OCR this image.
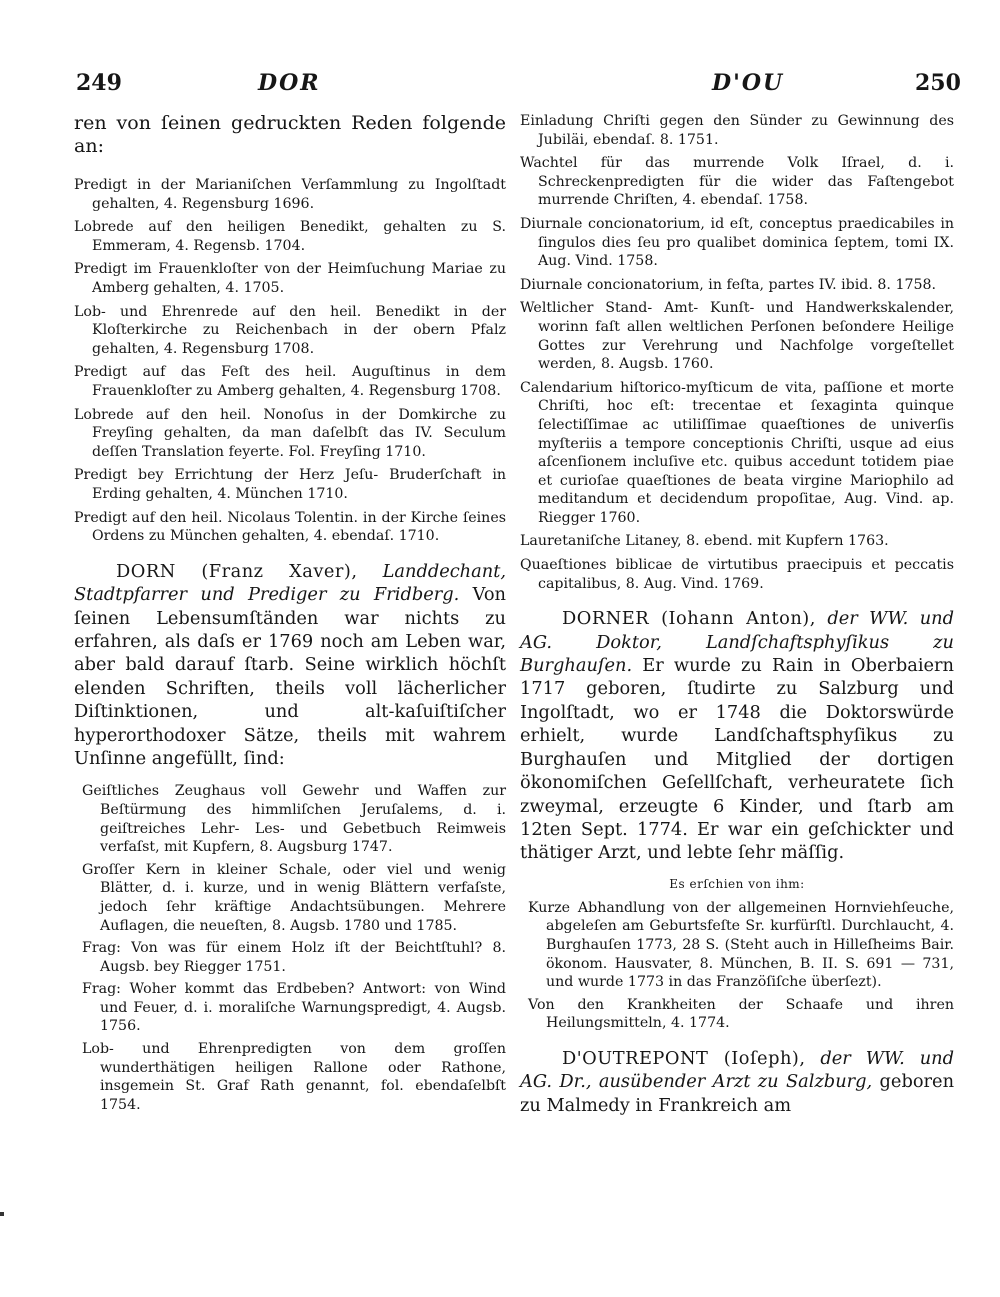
249	DOR	D'OU	250

ren von ſeinen gedruckten Reden folgende an:

Predigt in der Marianiſchen Verſammlung zu Ingolſtadt gehalten, 4. Regensburg 1696.

Lobrede auf den heiligen Benedikt, gehalten zu S. Emmeram, 4. Regensb. 1704.

Predigt im Frauenkloſter von der Heimſuchung Mariae zu Amberg gehalten, 4. 1705.

Lob- und Ehrenrede auf den heil. Benedikt in der Kloſterkirche zu Reichenbach in der obern Pfalz gehalten, 4. Regensburg 1708.

Predigt auf das Feſt des heil. Auguſtinus in dem Frauenkloſter zu Amberg gehalten, 4. Regensburg 1708.

Lobrede auf den heil. Nonoſus in der Domkirche zu Freyſing gehalten, da man daſelbſt das IV. Seculum deſſen Translation feyerte. Fol. Freyſing 1710.

Predigt bey Errichtung der Herz Jeſu- Bruderſchaft in Erding gehalten, 4. München 1710.

Predigt auf den heil. Nicolaus Tolentin. in der Kirche ſeines Ordens zu München gehalten, 4. ebendaſ. 1710.

DORN (Franz Xaver), Landdechant, Stadtpfarrer und Prediger zu Fridberg. Von ſeinen Lebensumſtänden war nichts zu erfahren, als daſs er 1769 noch am Leben war, aber bald darauf ſtarb. Seine wirklich höchſt elenden Schriften, theils voll lächerlicher Diſtinktionen, und alt-kaſuiſtiſcher hyperorthodoxer Sätze, theils mit wahrem Unſinne angefüllt, ſind:

Geiſtliches Zeughaus voll Gewehr und Waffen zur Beſtürmung des himmliſchen Jeruſalems, d. i. geiſtreiches Lehr- Les- und Gebetbuch Reimweis verfaſst, mit Kupfern, 8. Augsburg 1747.

Groſſer Kern in kleiner Schale, oder viel und wenig Blätter, d. i. kurze, und in wenig Blättern verfaſste, jedoch ſehr kräftige Andachtsübungen. Mehrere Auflagen, die neueſten, 8. Augsb. 1780 und 1785.

Frag: Von was für einem Holz iſt der Beichtſtuhl? 8. Augsb. bey Riegger 1751.

Frag: Woher kommt das Erdbeben? Antwort: von Wind und Feuer, d. i. moraliſche Warnungspredigt, 4. Augsb. 1756.

Lob- und Ehrenpredigten von dem groſſen wunderthätigen heiligen Rallone oder Rathone, insgemein St. Graf Rath genannt, fol. ebendaſelbſt 1754.

Einladung Chriſti gegen den Sünder zu Gewinnung des Jubiläi, ebendaſ. 8. 1751.

Wachtel für das murrende Volk Iſrael, d. i. Schreckenpredigten für die wider das Faſtengebot murrende Chriſten, 4. ebendaſ. 1758.

Diurnale concionatorium, id eſt, conceptus praedicabiles in ſingulos dies ſeu pro qualibet dominica ſeptem, tomi IX. Aug. Vind. 1758.

Diurnale concionatorium, in feſta, partes IV. ibid. 8. 1758.

Weltlicher Stand- Amt- Kunſt- und Handwerkskalender, worinn faſt allen weltlichen Perſonen beſondere Heilige Gottes zur Verehrung und Nachfolge vorgeſtellet werden, 8. Augsb. 1760.

Calendarium hiſtorico-myſticum de vita, paſſione et morte Chriſti, hoc eſt: trecentae et ſexaginta quinque ſelectiſſimae ac utiliſſimae quaeſtiones de univerſis myſteriis a tempore conceptionis Chriſti, usque ad eius aſcenſionem incluſive etc. quibus accedunt totidem piae et curioſae quaeſtiones de beata virgine Mariophilo ad meditandum et decidendum propoſitae, Aug. Vind. ap. Riegger 1760.

Lauretaniſche Litaney, 8. ebend. mit Kupfern 1763.

Quaeſtiones biblicae de virtutibus praecipuis et peccatis capitalibus, 8. Aug. Vind. 1769.

DORNER (Iohann Anton), der WW. und AG. Doktor, Landſchaftsphyſikus zu Burghauſen. Er wurde zu Rain in Oberbaiern 1717 geboren, ſtudirte zu Salzburg und Ingolſtadt, wo er 1748 die Doktorswürde erhielt, wurde Landſchaftsphyſikus zu Burghauſen und Mitglied der dortigen ökonomiſchen Geſellſchaft, verheuratete ſich zweymal, erzeugte 6 Kinder, und ſtarb am 12ten Sept. 1774. Er war ein geſchickter und thätiger Arzt, und lebte ſehr mäſſig.

Es erſchien von ihm:

Kurze Abhandlung von der allgemeinen Hornviehſeuche, abgeleſen am Geburtsfeſte Sr. kurfürſtl. Durchlaucht, 4. Burghauſen 1773, 28 S. (Steht auch in Hilleſheims Bair. ökonom. Hausvater, 8. München, B. II. S. 691 — 731, und wurde 1773 in das Franzöſiſche überſezt).

Von den Krankheiten der Schaafe und ihren Heilungsmitteln, 4. 1774.

D'OUTREPONT (Ioſeph), der WW. und AG. Dr., ausübender Arzt zu Salzburg, geboren zu Malmedy in Frankreich am
